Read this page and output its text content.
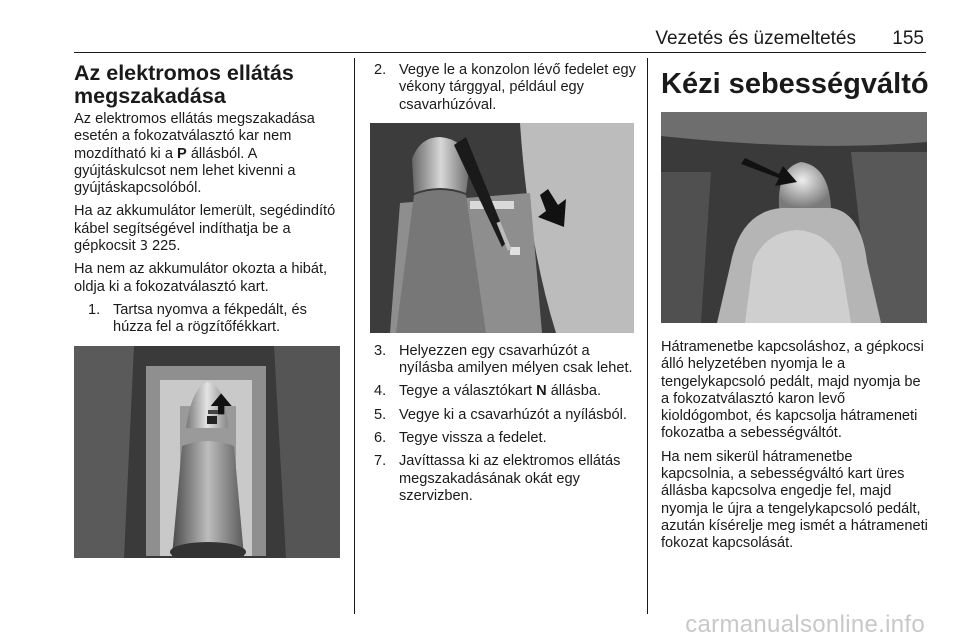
Vezetés és üzemeltetés 155
Az elektromos ellátás megszakadása

Az elektromos ellátás megszakadása esetén a fokozatválasztó kar nem mozdítható ki a P állásból. A gyújtáskulcsot nem lehet kivenni a gyújtáskapcsolóból.

Ha az akkumulátor lemerült, segédindító kábel segítségével indíthatja be a gépkocsit 3 225.

Ha nem az akkumulátor okozta a hibát, oldja ki a fokozatválasztó kart.

1. Tartsa nyomva a fékpedált, és húzza fel a rögzítőfékkart.
2. Vegye le a konzolon lévő fedelet egy vékony tárggyal, például egy csavarhúzóval.
3. Helyezzen egy csavarhúzót a nyílásba amilyen mélyen csak lehet.
4. Tegye a választókart N állásba.
5. Vegye ki a csavarhúzót a nyílásból.
6. Tegye vissza a fedelet.
7. Javíttassa ki az elektromos ellátás megszakadásának okát egy szervizben.
Kézi sebességváltó

Hátramenetbe kapcsoláshoz, a gépkocsi álló helyzetében nyomja le a tengelykapcsoló pedált, majd nyomja be a fokozatválasztó karon levő kioldógombot, és kapcsolja hátrameneti fokozatba a sebességváltót.

Ha nem sikerül hátramenetbe kapcsolnia, a sebességváltó kart üres állásba kapcsolva engedje fel, majd nyomja le újra a tengelykapcsoló pedált, azután kísérelje meg ismét a hátrameneti fokozat kapcsolását.

carmanualsonline.info
